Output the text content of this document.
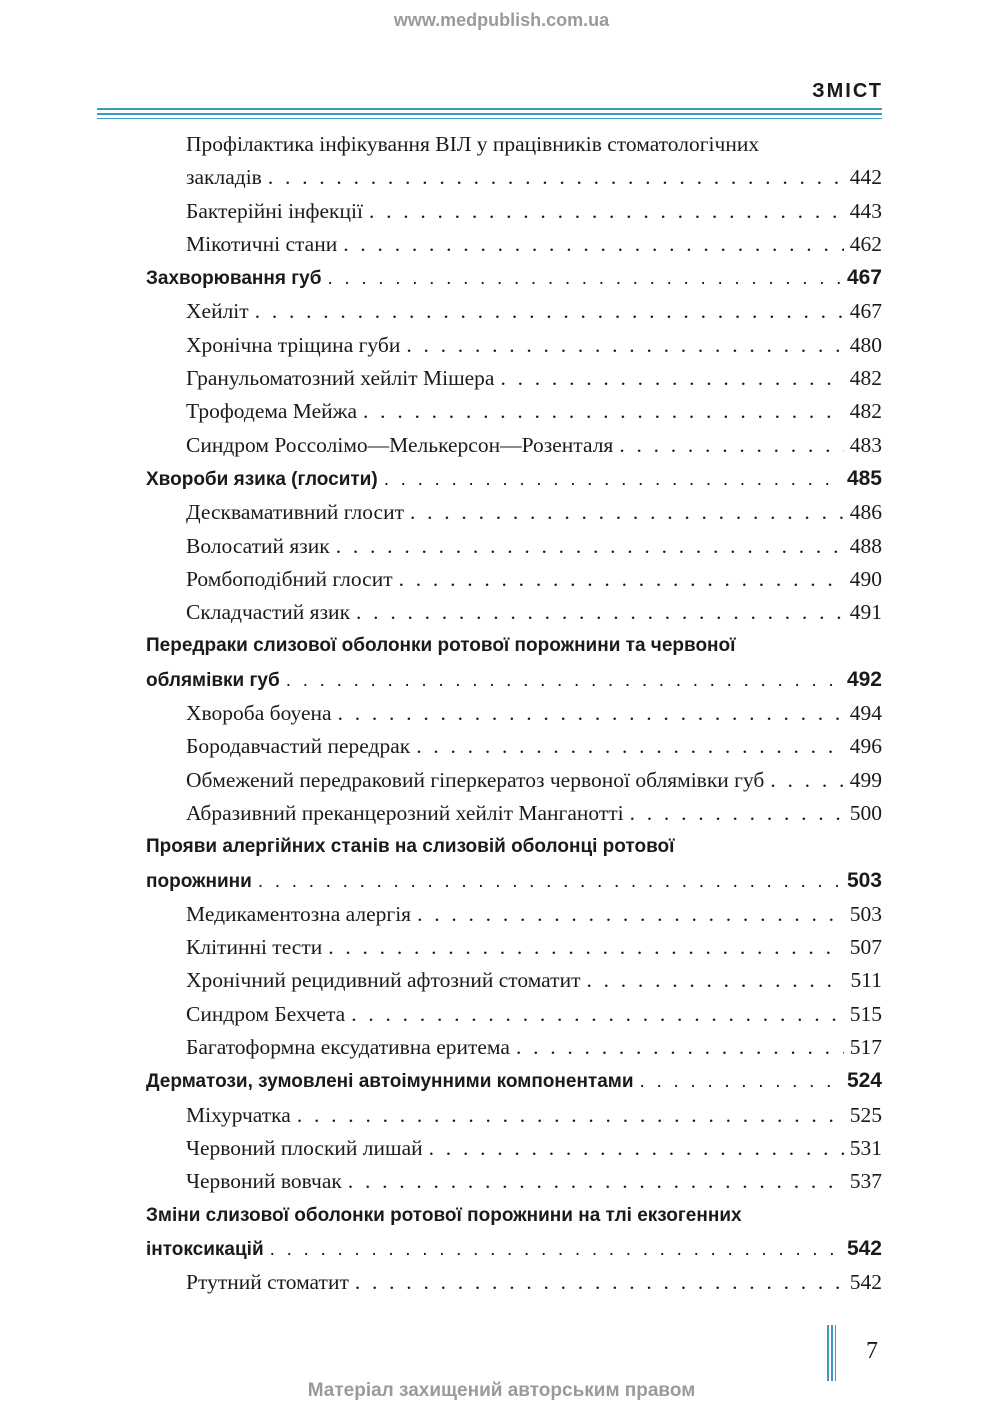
www.medpublish.com.ua
ЗМІСТ
Профілактика інфікування ВІЛ у працівників стоматологічних
закладів . . .	442
Бактерійні інфекції . . .	443
Мікотичні стани . . .	462
Захворювання губ . . .	467
Хейліт . . .	467
Хронічна тріщина губи . . .	480
Гранульоматозний хейліт Мішера . . .	482
Трофодема Мейжа . . .	482
Синдром Россолімо—Мелькерсон—Розенталя . . .	483
Хвороби язика (глосити) . . .	485
Десквамативний глосит . . .	486
Волосатий язик . . .	488
Ромбоподібний глосит . . .	490
Складчастий язик . . .	491
Передраки слизової оболонки ротової порожнини та червоної
облямівки губ . . .	492
Хвороба боуена . . .	494
Бородавчастий передрак . . .	496
Обмежений передраковий гіперкератоз червоної облямівки губ . . .	499
Абразивний преканцерозний хейліт Манганотті . . .	500
Прояви алергійних станів на слизовій оболонці ротової
порожнини . . .	503
Медикаментозна алергія . . .	503
Клітинні тести . . .	507
Хронічний рецидивний афтозний стоматит . . .	511
Синдром Бехчета . . .	515
Багатоформна ексудативна еритема . . .	517
Дерматози, зумовлені автоімунними компонентами . . .	524
Міхурчатка . . .	525
Червоний плоский лишай . . .	531
Червоний вовчак . . .	537
Зміни слизової оболонки ротової порожнини на тлі екзогенних
інтоксикацій . . .	542
Ртутний стоматит . . .	542
7
Матеріал захищений авторським правом
